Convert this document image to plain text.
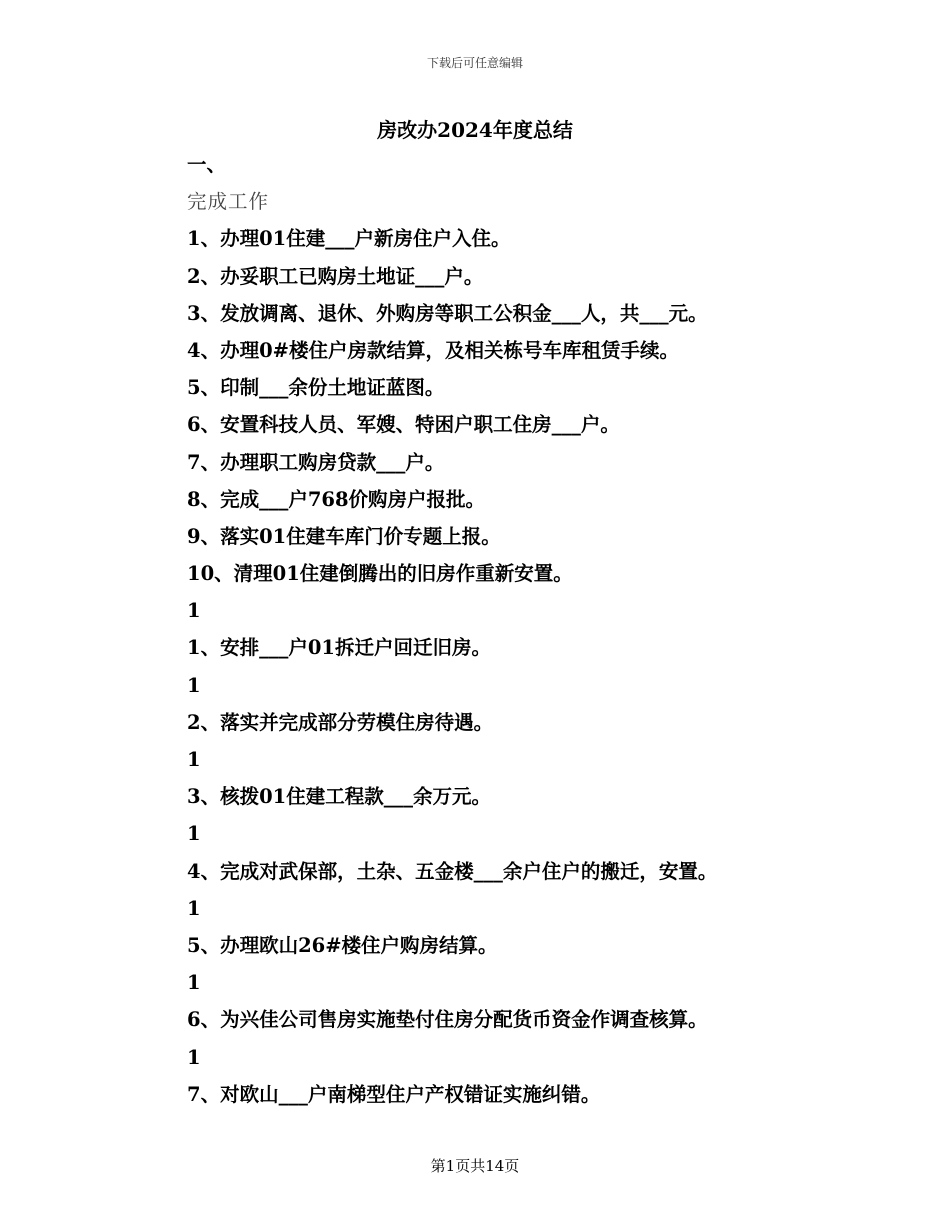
下载后可任意编辑
房改办2024年度总结
一、
完成工作
1、办理01住建___户新房住户入住。
2、办妥职工已购房土地证___户。
3、发放调离、退休、外购房等职工公积金___人，共___元。
4、办理0#楼住户房款结算，及相关栋号车库租赁手续。
5、印制___余份土地证蓝图。
6、安置科技人员、军嫂、特困户职工住房___户。
7、办理职工购房贷款___户。
8、完成___户768价购房户报批。
9、落实01住建车库门价专题上报。
10、清理01住建倒腾出的旧房作重新安置。
1
1、安排___户01拆迁户回迁旧房。
1
2、落实并完成部分劳模住房待遇。
1
3、核拨01住建工程款___余万元。
1
4、完成对武保部，土杂、五金楼___余户住户的搬迁，安置。
1
5、办理欧山26#楼住户购房结算。
1
6、为兴佳公司售房实施垫付住房分配货币资金作调查核算。
1
7、对欧山___户南梯型住户产权错证实施纠错。
第1页共14页
